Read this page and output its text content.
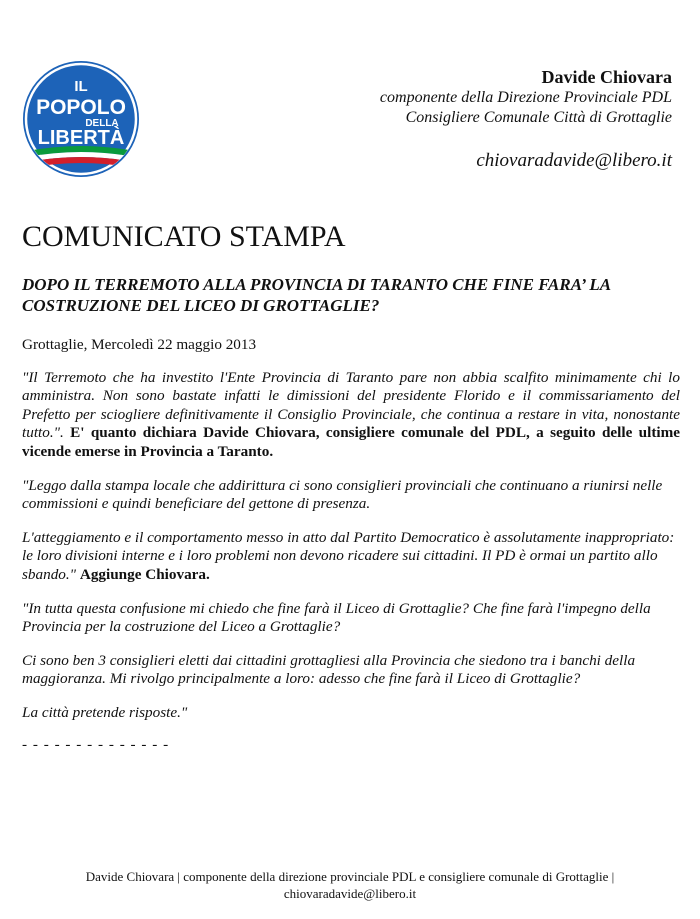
IL
POPOLO
DELLA
LIBERTÀ
Davide Chiovara
componente della Direzione Provinciale PDL
Consigliere Comunale Città di Grottaglie
chiovaradavide@libero.it
COMUNICATO STAMPA
DOPO IL TERREMOTO ALLA PROVINCIA DI TARANTO CHE FINE FARA’ LA COSTRUZIONE DEL LICEO DI GROTTAGLIE?

Grottaglie, Mercoledì 22 maggio 2013

"Il Terremoto che ha investito l'Ente Provincia di Taranto pare non abbia scalfito minimamente chi lo amministra. Non sono bastate infatti le dimissioni del presidente Florido e il commissariamento del Prefetto per sciogliere definitivamente il Consiglio Provinciale, che continua a restare in vita, nonostante tutto.". E' quanto dichiara Davide Chiovara, consigliere comunale del PDL, a seguito delle ultime vicende emerse in Provincia a Taranto.

"Leggo dalla stampa locale che addirittura ci sono consiglieri provinciali che continuano a riunirsi nelle commissioni e quindi beneficiare del gettone di presenza.

L'atteggiamento e il comportamento messo in atto dal Partito Democratico è assolutamente inappropriato: le loro divisioni interne e i loro problemi non devono ricadere sui cittadini. Il PD è ormai un partito allo sbando." Aggiunge Chiovara.

"In tutta questa confusione mi chiedo che fine farà il Liceo di Grottaglie? Che fine farà l'impegno della Provincia per la costruzione del Liceo a Grottaglie?

Ci sono ben 3 consiglieri eletti dai cittadini grottagliesi alla Provincia che siedono tra i banchi della maggioranza. Mi rivolgo principalmente a loro: adesso che fine farà il Liceo di Grottaglie?

La città pretende risposte."

- - - - - - - - - - - - - -
Davide Chiovara | componente della direzione provinciale PDL e consigliere comunale di Grottaglie |
chiovaradavide@libero.it
